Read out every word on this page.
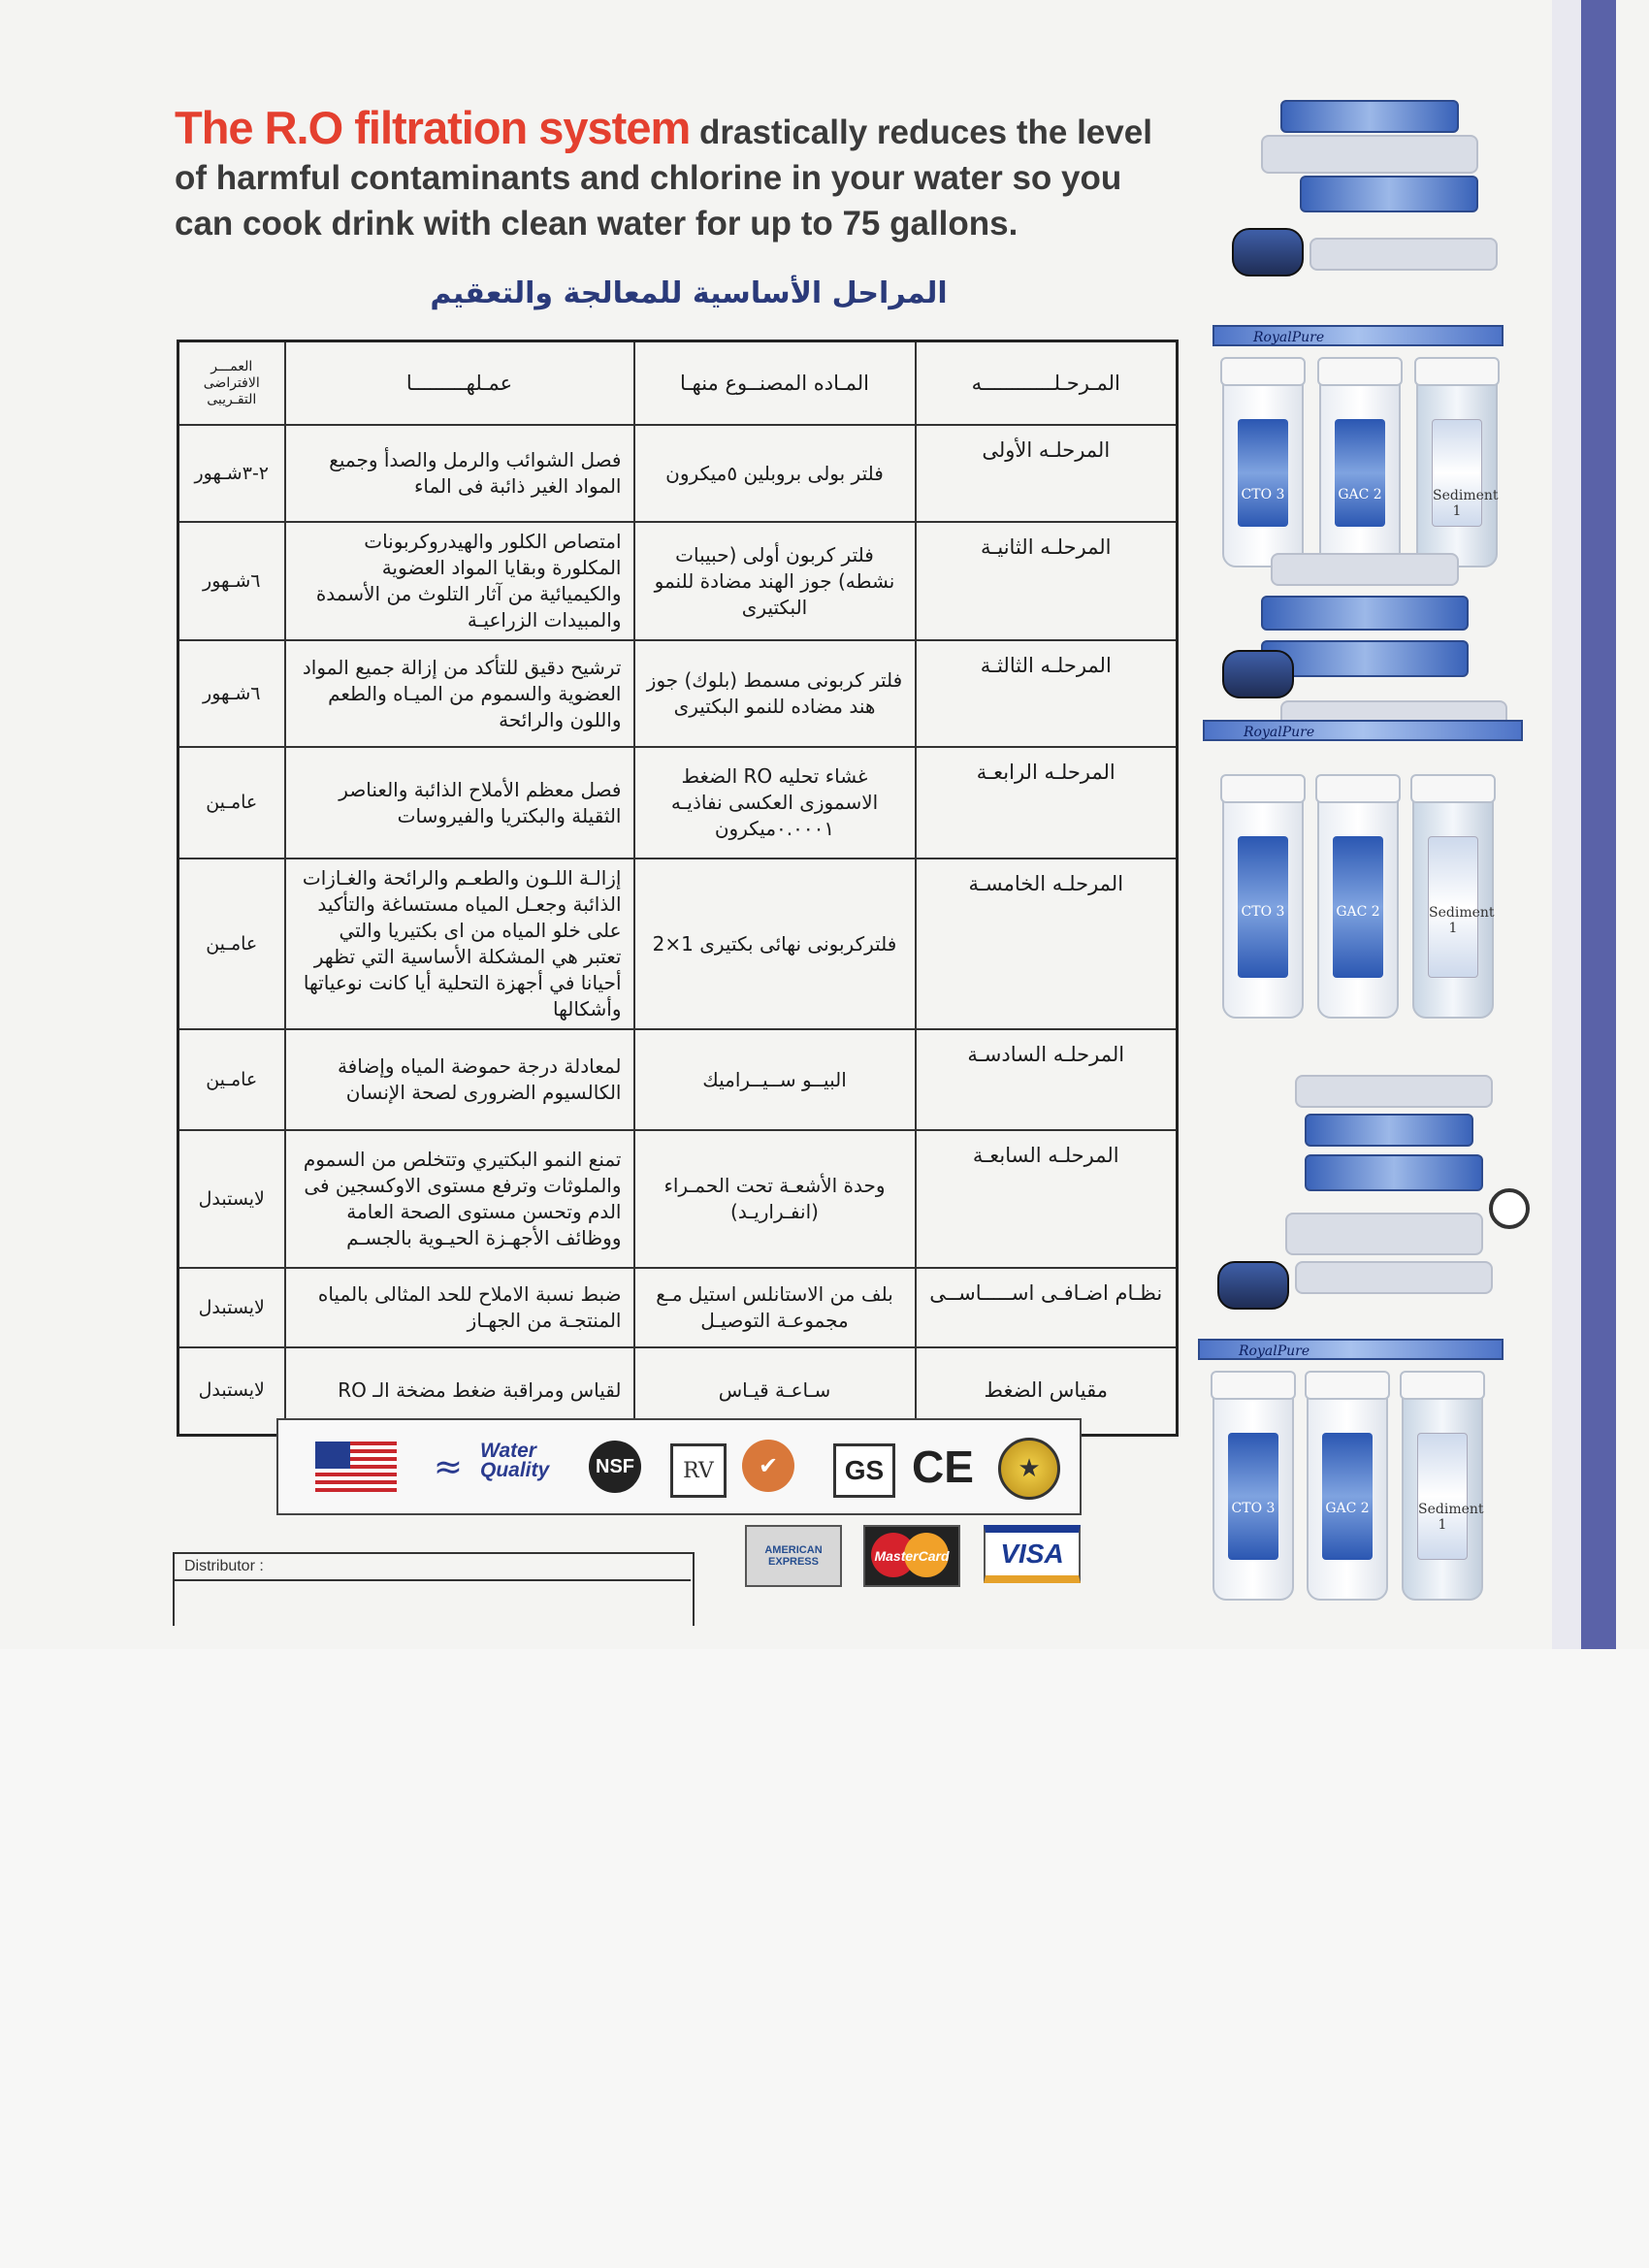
The R.O filtration system drastically reduces the level of harmful contaminants and chlorine in your water so you can cook drink with clean water for up to 75 gallons.
المراحل الأساسية للمعالجة والتعقيم
المـرحـلــــــــــــه	المـاده المصنــوع منهـا	عمـلهـــــــــا	العمـــر الافتراضى التقـريبى
المرحلـه الأولى	فلتر بولى بروبلين ٥ميكرون	فصل الشوائب والرمل والصدأ وجميع المواد الغير ذائبة فى الماء	٢-٣شـهور
المرحلـه الثانيـة	فلتر كربون أولى (حبيبات نشطه) جوز الهند مضادة للنمو البكتيرى	امتصاص الكلور والهيدروكربونات المكلورة وبقايا المواد العضوية والكيميائية من آثار التلوث من الأسمدة والمبيدات الزراعيـة	٦شـهور
المرحلـه الثالثـة	فلتر كربونى مسمط (بلوك) جوز هند مضاده للنمو البكتيرى	ترشيح دقيق للتأكد من إزالة جميع المواد العضوية والسموم من الميـاه والطعم واللون والرائحة	٦شـهور
المرحلـه الرابعـة	غشاء تحليه RO الضغط الاسموزى العكسى نفاذيـه ٠.٠٠٠١ميكرون	فصل معظم الأملاح الذائبة والعناصر الثقيلة والبكتريا والفيروسات	عامـين
المرحلـه الخامسـة	فلتركربونى نهائى بكتيرى 1×2	إزالـة اللـون والطعـم والرائحة والغـازات الذائبة وجعـل المياه مستساغة والتأكيد على خلو المياه من اى بكتيريا والتي تعتبر هي المشكلة الأساسية التي تظهر أحيانا في أجهزة التحلية أيا كانت نوعياتها وأشكالها	عامـين
المرحلـه السادسـة	البيــو ســيــراميك	لمعادلة درجة حموضة المياه وإضافة الكالسيوم الضرورى لصحة الإنسان	عامـين
المرحلـه السابعـة	وحدة الأشعـة تحت الحمـراء (انفـراريـد)	تمنع النمو البكتيري وتتخلص من السموم والملوثات وترفع مستوى الاوكسجين فى الدم وتحسن مستوى الصحة العامة ووظائف الأجهـزة الحيـوية بالجسـم	لايستبدل
نظـام اضـافـى اســـــاســى	بلف من الاستانلس استيل مـع مجموعـة التوصيـل	ضبط نسبة الاملاح للحد المثالى بالمياه المنتجـة من الجهـاز	لايستبدل
مقياس الضغط	سـاعـة قيـاس	لقياس ومراقبة ضغط مضخة الـ RO	لايستبدل
RoyalPure
CTO 3	GAC 2	Sediment 1
RoyalPure
CTO 3	GAC 2	Sediment 1
RoyalPure
CTO 3	GAC 2	Sediment 1
≈ Water Quality	NSF	RV	✔	GS CE	★
AMERICAN EXPRESS	MasterCard	VISA
Distributor :
